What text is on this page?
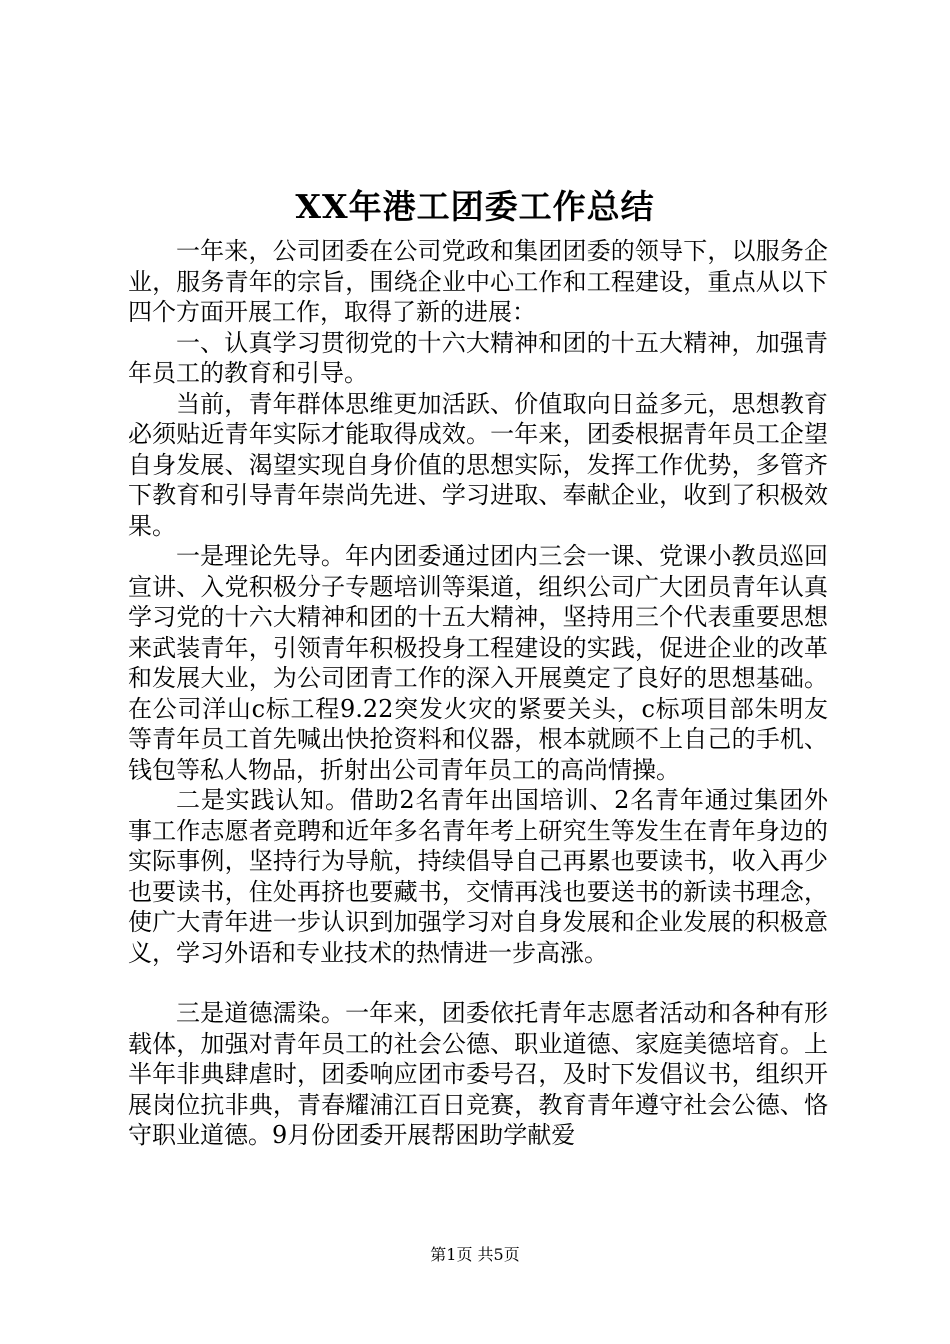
XX年港工团委工作总结

一年来，公司团委在公司党政和集团团委的领导下，以服务企业，服务青年的宗旨，围绕企业中心工作和工程建设，重点从以下四个方面开展工作，取得了新的进展：

一、认真学习贯彻党的十六大精神和团的十五大精神，加强青年员工的教育和引导。

当前，青年群体思维更加活跃、价值取向日益多元，思想教育必须贴近青年实际才能取得成效。一年来，团委根据青年员工企望自身发展、渴望实现自身价值的思想实际，发挥工作优势，多管齐下教育和引导青年崇尚先进、学习进取、奉献企业，收到了积极效果。

一是理论先导。年内团委通过团内三会一课、党课小教员巡回宣讲、入党积极分子专题培训等渠道，组织公司广大团员青年认真学习党的十六大精神和团的十五大精神，坚持用三个代表重要思想来武装青年，引领青年积极投身工程建设的实践，促进企业的改革和发展大业，为公司团青工作的深入开展奠定了良好的思想基础。在公司洋山c标工程9.22突发火灾的紧要关头，c标项目部朱明友等青年员工首先喊出快抢资料和仪器，根本就顾不上自己的手机、钱包等私人物品，折射出公司青年员工的高尚情操。

二是实践认知。借助2名青年出国培训、2名青年通过集团外事工作志愿者竞聘和近年多名青年考上研究生等发生在青年身边的实际事例，坚持行为导航，持续倡导自己再累也要读书，收入再少也要读书，住处再挤也要藏书，交情再浅也要送书的新读书理念，使广大青年进一步认识到加强学习对自身发展和企业发展的积极意义，学习外语和专业技术的热情进一步高涨。

三是道德濡染。一年来，团委依托青年志愿者活动和各种有形载体，加强对青年员工的社会公德、职业道德、家庭美德培育。上半年非典肆虐时，团委响应团市委号召，及时下发倡议书，组织开展岗位抗非典，青春耀浦江百日竞赛，教育青年遵守社会公德、恪守职业道德。9月份团委开展帮困助学献爱

第1页 共5页
